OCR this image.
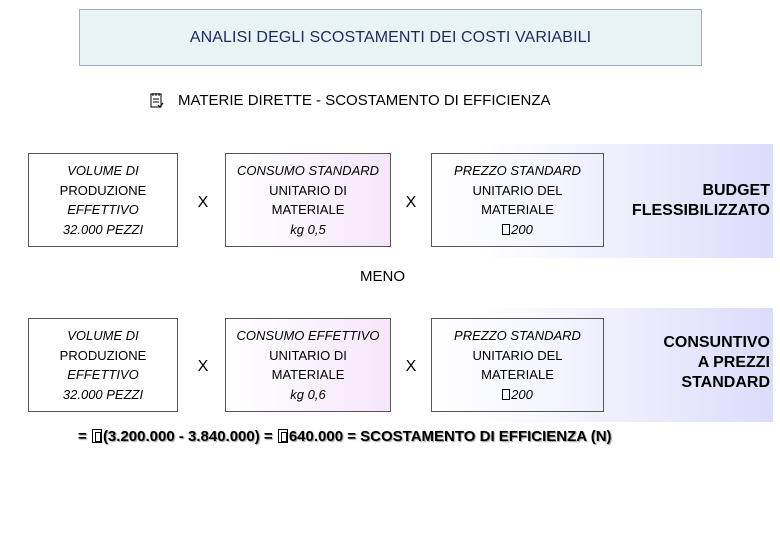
ANALISI DEGLI SCOSTAMENTI DEI COSTI VARIABILI
MATERIE DIRETTE - SCOSTAMENTO DI EFFICIENZA
VOLUME DI
PRODUZIONE
EFFETTIVO
32.000 PEZZI
X
CONSUMO STANDARD
UNITARIO DI
MATERIALE
kg 0,5
X
PREZZO STANDARD
UNITARIO DEL
MATERIALE
200
BUDGET
FLESSIBILIZZATO
MENO
VOLUME DI
PRODUZIONE
EFFETTIVO
32.000 PEZZI
X
CONSUMO EFFETTIVO
UNITARIO DI
MATERIALE
kg 0,6
X
PREZZO STANDARD
UNITARIO DEL
MATERIALE
200
CONSUNTIVO
A PREZZI
STANDARD
= (3.200.000 - 3.840.000) = 640.000 = SCOSTAMENTO DI EFFICIENZA (N)
